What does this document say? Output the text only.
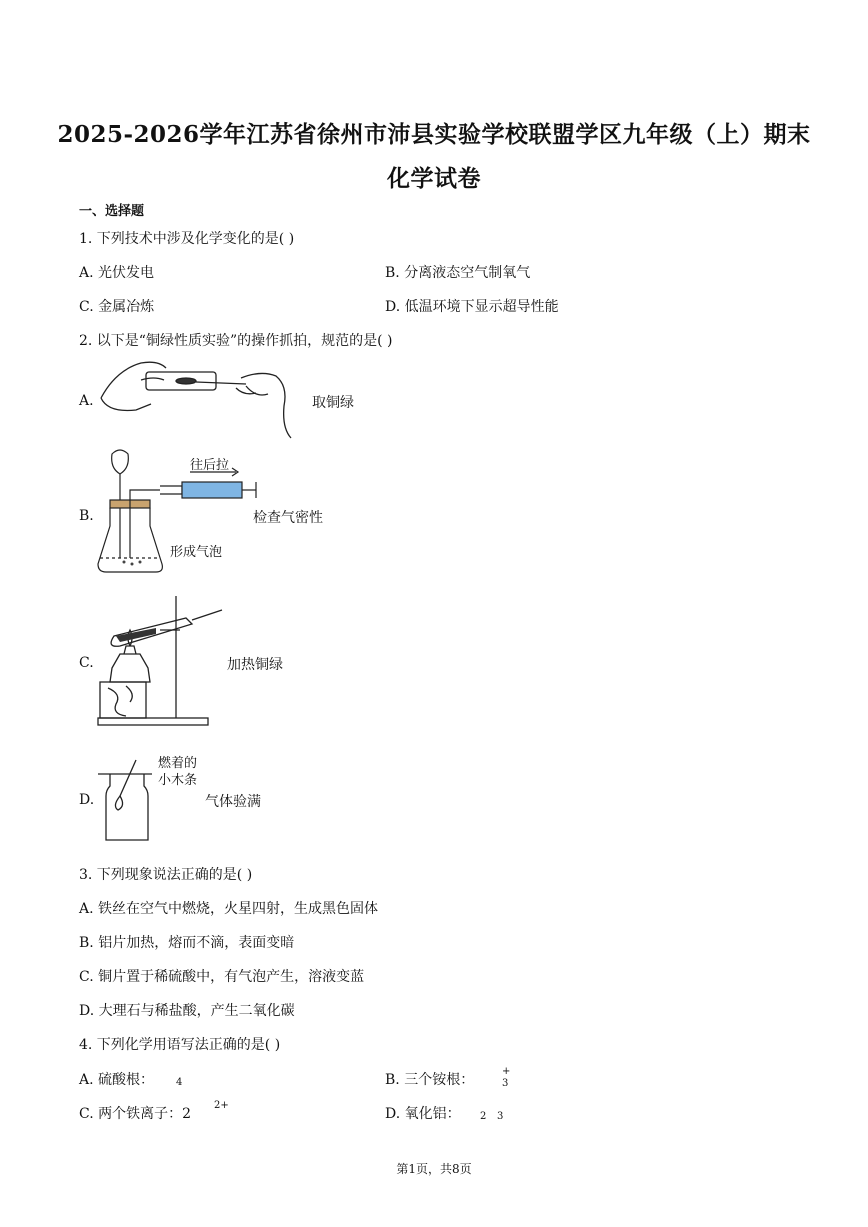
2025-2026学年江苏省徐州市沛县实验学校联盟学区九年级（上）期末
化学试卷
一、选择题
1. 下列技术中涉及化学变化的是( )
A. 光伏发电	B. 分离液态空气制氧气
C. 金属冶炼	D. 低温环境下显示超导性能
2. 以下是“铜绿性质实验”的操作抓拍，规范的是( )
A.	取铜绿
B.
往后拉
形成气泡
检查气密性
C.	加热铜绿
D.
燃着的
小木条
气体验满
3. 下列现象说法正确的是( )
A. 铁丝在空气中燃烧，火星四射，生成黑色固体
B. 铝片加热，熔而不滴，表面变暗
C. 铜片置于稀硫酸中，有气泡产生，溶液变蓝
D. 大理石与稀盐酸，产生二氧化碳
4. 下列化学用语写法正确的是( )
A. 硫酸根： 4	B. 三个铵根：
+
3
C. 两个铁离子：2
2+
D. 氧化铝： 2 3
第1页，共8页
